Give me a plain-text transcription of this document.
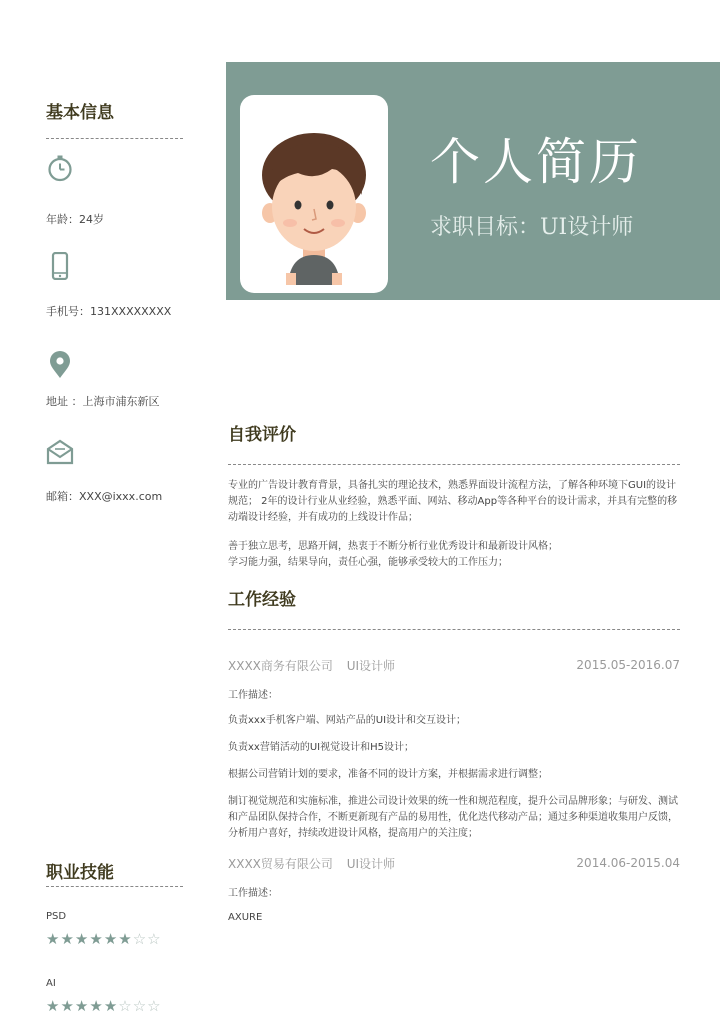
个人简历
求职目标：UI设计师
基本信息
年龄：24岁
手机号：131XXXXXXXX
地址 ：上海市浦东新区
邮箱：XXX@ixxx.com
职业技能
PSD
★★★★★★☆☆
AI
★★★★★☆☆☆
自我评价
专业的广告设计教育背景，具备扎实的理论技术，熟悉界面设计流程方法，了解各种环境下GUI的设计规范； 2年的设计行业从业经验，熟悉平面、网站、移动App等各种平台的设计需求，并具有完整的移动端设计经验，并有成功的上线设计作品；
善于独立思考，思路开阔，热衷于不断分析行业优秀设计和最新设计风格；
学习能力强，结果导向，责任心强，能够承受较大的工作压力；
工作经验
XXXX商务有限公司 UI设计师	2015.05-2016.07
工作描述：
负责xxx手机客户端、网站产品的UI设计和交互设计；
负责xx营销活动的UI视觉设计和H5设计；
根据公司营销计划的要求，准备不同的设计方案，并根据需求进行调整；
制订视觉规范和实施标准，推进公司设计效果的统一性和规范程度，提升公司品牌形象；与研发、测试和产品团队保持合作，不断更新现有产品的易用性，优化迭代移动产品；通过多种渠道收集用户反馈，分析用户喜好，持续改进设计风格，提高用户的关注度；
XXXX贸易有限公司 UI设计师	2014.06-2015.04
工作描述：
AXURE
